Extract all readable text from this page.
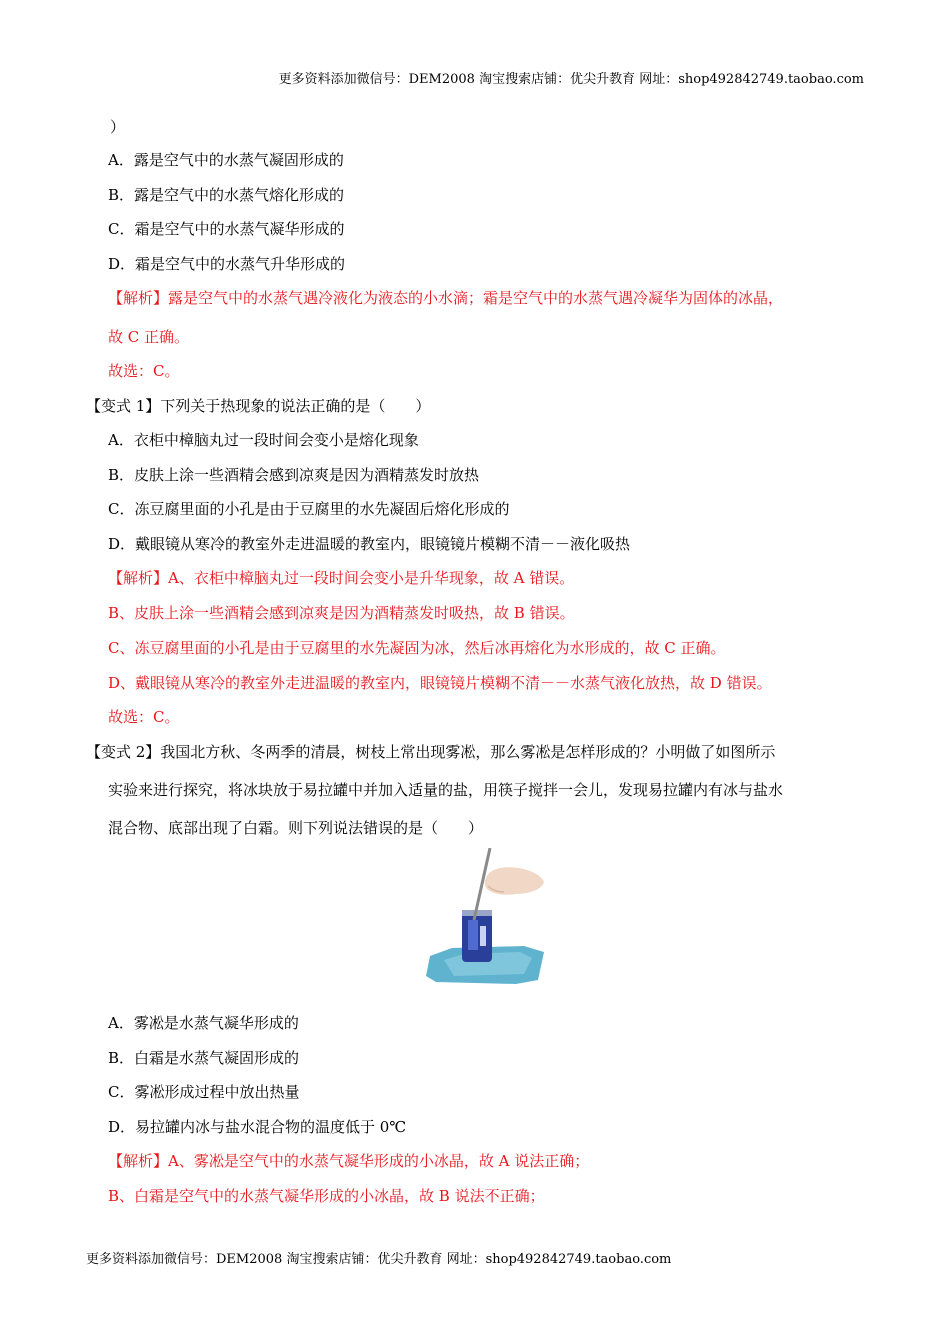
更多资料添加微信号：DEM2008 淘宝搜索店铺：优尖升教育 网址：shop492842749.taobao.com
）
A．露是空气中的水蒸气凝固形成的
B．露是空气中的水蒸气熔化形成的
C．霜是空气中的水蒸气凝华形成的
D．霜是空气中的水蒸气升华形成的
【解析】露是空气中的水蒸气遇冷液化为液态的小水滴；霜是空气中的水蒸气遇冷凝华为固体的冰晶，
故 C 正确。
故选：C。
【变式 1】下列关于热现象的说法正确的是（　　）
A．衣柜中樟脑丸过一段时间会变小是熔化现象
B．皮肤上涂一些酒精会感到凉爽是因为酒精蒸发时放热
C．冻豆腐里面的小孔是由于豆腐里的水先凝固后熔化形成的
D．戴眼镜从寒冷的教室外走进温暖的教室内，眼镜镜片模糊不清－－液化吸热
【解析】A、衣柜中樟脑丸过一段时间会变小是升华现象，故 A 错误。
B、皮肤上涂一些酒精会感到凉爽是因为酒精蒸发时吸热，故 B 错误。
C、冻豆腐里面的小孔是由于豆腐里的水先凝固为冰，然后冰再熔化为水形成的，故 C 正确。
D、戴眼镜从寒冷的教室外走进温暖的教室内，眼镜镜片模糊不清－－水蒸气液化放热，故 D 错误。
故选：C。
【变式 2】我国北方秋、冬两季的清晨，树枝上常出现雾凇，那么雾凇是怎样形成的？小明做了如图所示
实验来进行探究，将冰块放于易拉罐中并加入适量的盐，用筷子搅拌一会儿，发现易拉罐内有冰与盐水
混合物、底部出现了白霜。则下列说法错误的是（　　）
A．雾凇是水蒸气凝华形成的
B．白霜是水蒸气凝固形成的
C．雾凇形成过程中放出热量
D．易拉罐内冰与盐水混合物的温度低于 0℃
【解析】A、雾凇是空气中的水蒸气凝华形成的小冰晶，故 A 说法正确；
B、白霜是空气中的水蒸气凝华形成的小冰晶，故 B 说法不正确；
更多资料添加微信号：DEM2008 淘宝搜索店铺：优尖升教育 网址：shop492842749.taobao.com
